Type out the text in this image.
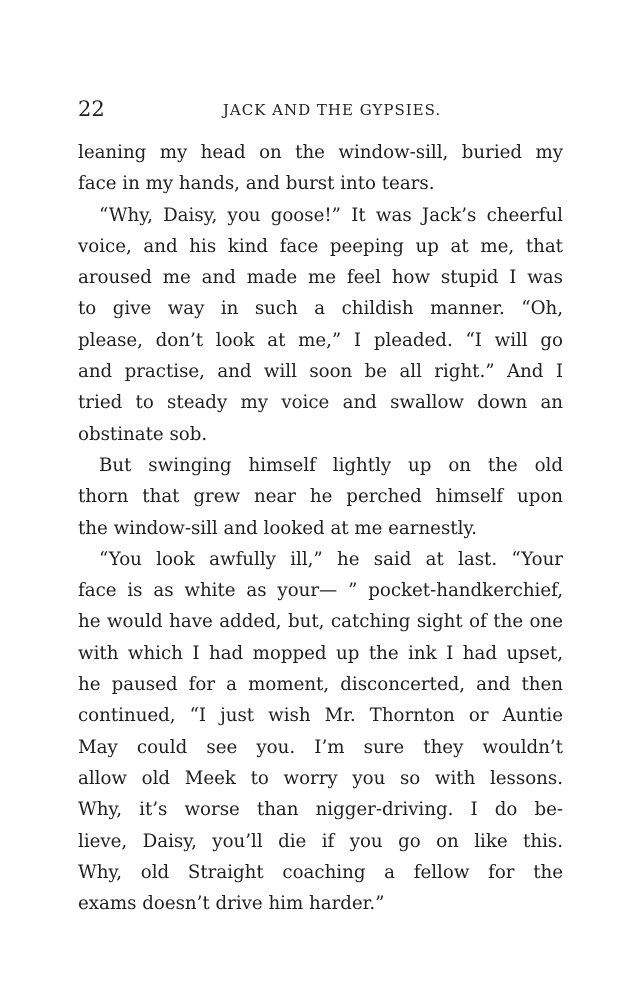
22	JACK AND THE GYPSIES.
leaning my head on the window-sill, buried my
face in my hands, and burst into tears.
“Why, Daisy, you goose!” It was Jack’s cheerful
voice, and his kind face peeping up at me, that
aroused me and made me feel how stupid I was
to give way in such a childish manner. “Oh,
please, don’t look at me,” I pleaded. “I will go
and practise, and will soon be all right.” And I
tried to steady my voice and swallow down an
obstinate sob.
But swinging himself lightly up on the old
thorn that grew near he perched himself upon
the window-sill and looked at me earnestly.
“You look awfully ill,” he said at last. “Your
face is as white as your— ” pocket-handkerchief,
he would have added, but, catching sight of the one
with which I had mopped up the ink I had upset,
he paused for a moment, disconcerted, and then
continued, “I just wish Mr. Thornton or Auntie
May could see you. I’m sure they wouldn’t
allow old Meek to worry you so with lessons.
Why, it’s worse than nigger-driving. I do be-
lieve, Daisy, you’ll die if you go on like this.
Why, old Straight coaching a fellow for the
exams doesn’t drive him harder.”
